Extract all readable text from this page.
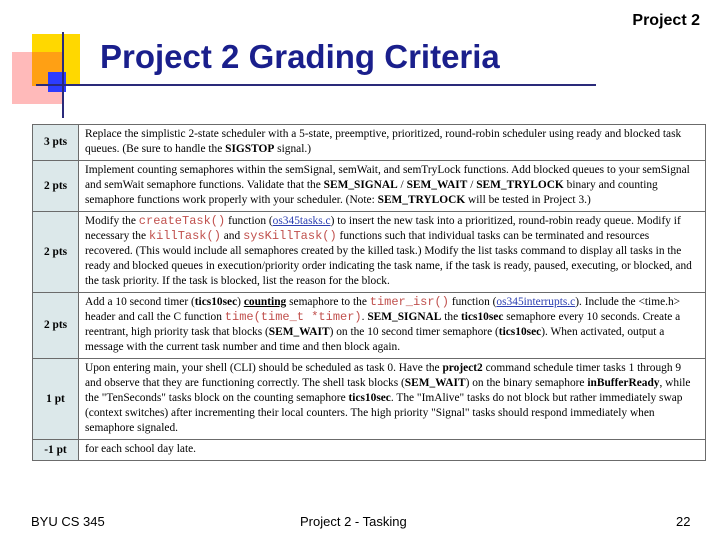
Project 2
Project 2 Grading Criteria
3 pts	Replace the simplistic 2-state scheduler with a 5-state, preemptive, prioritized, round-robin scheduler using ready and blocked task queues. (Be sure to handle the SIGSTOP signal.)
2 pts	Implement counting semaphores within the semSignal, semWait, and semTryLock functions. Add blocked queues to your semSignal and semWait semaphore functions. Validate that the SEM_SIGNAL / SEM_WAIT / SEM_TRYLOCK binary and counting semaphore functions work properly with your scheduler. (Note: SEM_TRYLOCK will be tested in Project 3.)
2 pts	Modify the createTask() function (os345tasks.c) to insert the new task into a prioritized, round-robin ready queue. Modify if necessary the killTask() and sysKillTask() functions such that individual tasks can be terminated and resources recovered. (This would include all semaphores created by the killed task.) Modify the list tasks command to display all tasks in the ready and blocked queues in execution/priority order indicating the task name, if the task is ready, paused, executing, or blocked, and the task priority. If the task is blocked, list the reason for the block.
2 pts	Add a 10 second timer (tics10sec) counting semaphore to the timer_isr() function (os345interrupts.c). Include the <time.h> header and call the C function time(time_t *timer). SEM_SIGNAL the tics10sec semaphore every 10 seconds. Create a reentrant, high priority task that blocks (SEM_WAIT) on the 10 second timer semaphore (tics10sec). When activated, output a message with the current task number and time and then block again.
1 pt	Upon entering main, your shell (CLI) should be scheduled as task 0. Have the project2 command schedule timer tasks 1 through 9 and observe that they are functioning correctly. The shell task blocks (SEM_WAIT) on the binary semaphore inBufferReady, while the "TenSeconds" tasks block on the counting semaphore tics10sec. The "ImAlive" tasks do not block but rather immediately swap (context switches) after incrementing their local counters. The high priority "Signal" tasks should respond immediately when semaphore signaled.
-1 pt	for each school day late.
BYU CS 345	Project 2 - Tasking	22
